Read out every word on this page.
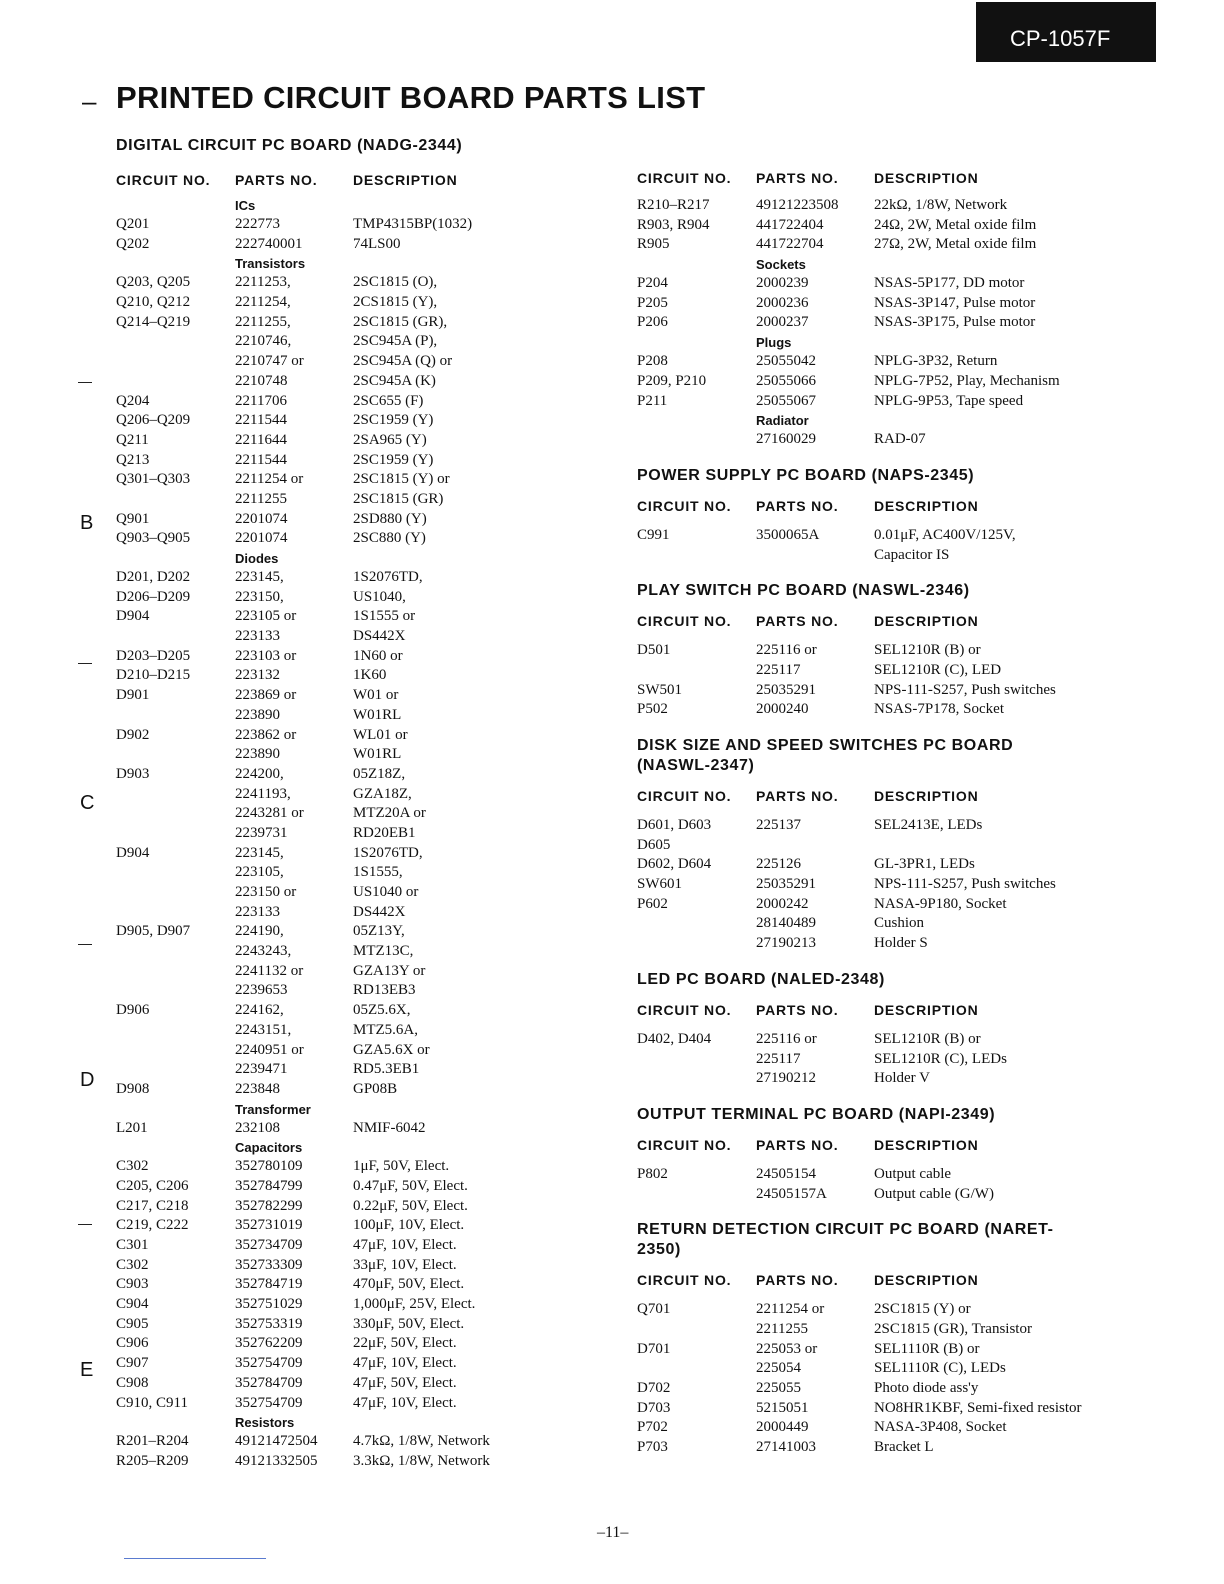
CP-1057F
– PRINTED CIRCUIT BOARD PARTS LIST
B
C
D
E
DIGITAL CIRCUIT PC BOARD (NADG-2344)
CIRCUIT NO. PARTS NO.	DESCRIPTION
ICs
Q201	222773	TMP4315BP(1032)
Q202	222740001	74LS00
Transistors
Q203, Q205	2211253,	2SC1815 (O),
Q210, Q212	2211254,	2CS1815 (Y),
Q214–Q219	2211255,	2SC1815 (GR),
2210746,	2SC945A (P),
2210747 or	2SC945A (Q) or
2210748	2SC945A (K)
Q204	2211706	2SC655 (F)
Q206–Q209	2211544	2SC1959 (Y)
Q211	2211644	2SA965 (Y)
Q213	2211544	2SC1959 (Y)
Q301–Q303	2211254 or	2SC1815 (Y) or
2211255	2SC1815 (GR)
Q901	2201074	2SD880 (Y)
Q903–Q905	2201074	2SC880 (Y)
Diodes
D201, D202	223145,	1S2076TD,
D206–D209	223150,	US1040,
D904	223105 or	1S1555 or
223133	DS442X
D203–D205	223103 or	1N60 or
D210–D215	223132	1K60
D901	223869 or	W01 or
223890	W01RL
D902	223862 or	WL01 or
223890	W01RL
D903	224200,	05Z18Z,
2241193,	GZA18Z,
2243281 or	MTZ20A or
2239731	RD20EB1
D904	223145,	1S2076TD,
223105,	1S1555,
223150 or	US1040 or
223133	DS442X
D905, D907	224190,	05Z13Y,
2243243,	MTZ13C,
2241132 or	GZA13Y or
2239653	RD13EB3
D906	224162,	05Z5.6X,
2243151,	MTZ5.6A,
2240951 or	GZA5.6X or
2239471	RD5.3EB1
D908	223848	GP08B
Transformer
L201	232108	NMIF-6042
Capacitors
C302	352780109	1μF, 50V, Elect.
C205, C206	352784799	0.47μF, 50V, Elect.
C217, C218	352782299	0.22μF, 50V, Elect.
C219, C222	352731019	100μF, 10V, Elect.
C301	352734709	47μF, 10V, Elect.
C302	352733309	33μF, 10V, Elect.
C903	352784719	470μF, 50V, Elect.
C904	352751029	1,000μF, 25V, Elect.
C905	352753319	330μF, 50V, Elect.
C906	352762209	22μF, 50V, Elect.
C907	352754709	47μF, 10V, Elect.
C908	352784709	47μF, 50V, Elect.
C910, C911	352754709	47μF, 10V, Elect.
Resistors
R201–R204	49121472504 4.7kΩ, 1/8W, Network
R205–R209	49121332505 3.3kΩ, 1/8W, Network
CIRCUIT NO. PARTS NO.	DESCRIPTION
R210–R217	49121223508 22kΩ, 1/8W, Network
R903, R904	441722404	24Ω, 2W, Metal oxide film
R905	441722704	27Ω, 2W, Metal oxide film
Sockets
P204	2000239	NSAS-5P177, DD motor
P205	2000236	NSAS-3P147, Pulse motor
P206	2000237	NSAS-3P175, Pulse motor
Plugs
P208	25055042	NPLG-3P32, Return
P209, P210	25055066	NPLG-7P52, Play, Mechanism
P211	25055067	NPLG-9P53, Tape speed
Radiator
27160029	RAD-07
POWER SUPPLY PC BOARD (NAPS-2345)
CIRCUIT NO. PARTS NO.	DESCRIPTION
C991	3500065A	0.01μF, AC400V/125V,
Capacitor IS
PLAY SWITCH PC BOARD (NASWL-2346)
CIRCUIT NO. PARTS NO.	DESCRIPTION
D501	225116 or	SEL1210R (B) or
225117	SEL1210R (C), LED
SW501	25035291	NPS-111-S257, Push switches
P502	2000240	NSAS-7P178, Socket
DISK SIZE AND SPEED SWITCHES PC BOARD (NASWL-2347)
CIRCUIT NO. PARTS NO.	DESCRIPTION
D601, D603	225137	SEL2413E, LEDs
D605
D602, D604	225126	GL-3PR1, LEDs
SW601	25035291	NPS-111-S257, Push switches
P602	2000242	NASA-9P180, Socket
28140489	Cushion
27190213	Holder S
LED PC BOARD (NALED-2348)
CIRCUIT NO. PARTS NO.	DESCRIPTION
D402, D404	225116 or	SEL1210R (B) or
225117	SEL1210R (C), LEDs
27190212	Holder V
OUTPUT TERMINAL PC BOARD (NAPI-2349)
CIRCUIT NO. PARTS NO.	DESCRIPTION
P802	24505154	Output cable
24505157A	Output cable (G/W)
RETURN DETECTION CIRCUIT PC BOARD (NARET-2350)
CIRCUIT NO. PARTS NO.	DESCRIPTION
Q701	2211254 or	2SC1815 (Y) or
2211255	2SC1815 (GR), Transistor
D701	225053 or	SEL1110R (B) or
225054	SEL1110R (C), LEDs
D702	225055	Photo diode ass'y
D703	5215051	NO8HR1KBF, Semi-fixed resistor
P702	2000449	NASA-3P408, Socket
P703	27141003	Bracket L
–11–
